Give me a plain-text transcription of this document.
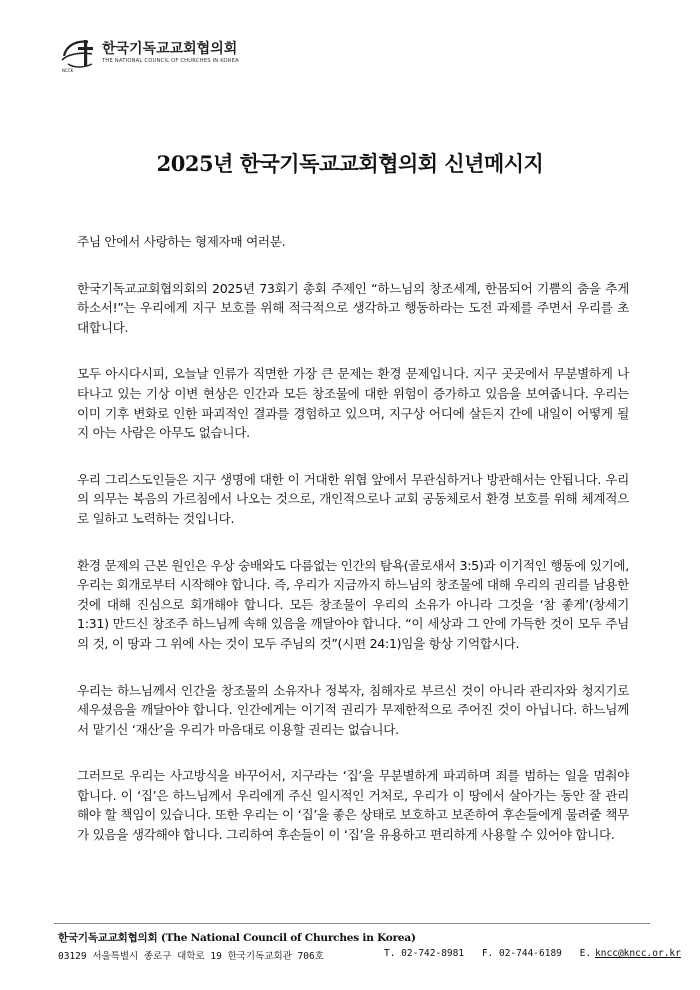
NCCK
한국기독교교회협의회
THE NATIONAL COUNCIL OF CHURCHES IN KOREA
2025년 한국기독교교회협의회 신년메시지

주님 안에서 사랑하는 형제자매 여러분.

한국기독교교회협의회의 2025년 73회기 총회 주제인 “하느님의 창조세계, 한몸되어 기쁨의 춤을 추게 하소서!”는 우리에게 지구 보호를 위해 적극적으로 생각하고 행동하라는 도전 과제를 주면서 우리를 초대합니다.

모두 아시다시피, 오늘날 인류가 직면한 가장 큰 문제는 환경 문제입니다. 지구 곳곳에서 무분별하게 나타나고 있는 기상 이변 현상은 인간과 모든 창조물에 대한 위험이 증가하고 있음을 보여줍니다. 우리는 이미 기후 변화로 인한 파괴적인 결과를 경험하고 있으며, 지구상 어디에 살든지 간에 내일이 어떻게 될지 아는 사람은 아무도 없습니다.

우리 그리스도인들은 지구 생명에 대한 이 거대한 위협 앞에서 무관심하거나 방관해서는 안됩니다. 우리의 의무는 복음의 가르침에서 나오는 것으로, 개인적으로나 교회 공동체로서 환경 보호를 위해 체계적으로 일하고 노력하는 것입니다.

환경 문제의 근본 원인은 우상 숭배와도 다름없는 인간의 탐욕(골로새서 3:5)과 이기적인 행동에 있기에, 우리는 회개로부터 시작해야 합니다. 즉, 우리가 지금까지 하느님의 창조물에 대해 우리의 권리를 남용한 것에 대해 진심으로 회개해야 합니다. 모든 창조물이 우리의 소유가 아니라 그것을 ‘참 좋게’(창세기 1:31) 만드신 창조주 하느님께 속해 있음을 깨달아야 합니다. “이 세상과 그 안에 가득한 것이 모두 주님의 것, 이 땅과 그 위에 사는 것이 모두 주님의 것”(시편 24:1)임을 항상 기억합시다.

우리는 하느님께서 인간을 창조물의 소유자나 정복자, 침해자로 부르신 것이 아니라 관리자와 청지기로 세우셨음을 깨달아야 합니다. 인간에게는 이기적 권리가 무제한적으로 주어진 것이 아닙니다. 하느님께서 맡기신 ‘재산’을 우리가 마음대로 이용할 권리는 없습니다.

그러므로 우리는 사고방식을 바꾸어서, 지구라는 ‘집’을 무분별하게 파괴하며 죄를 범하는 일을 멈춰야 합니다. 이 ‘집’은 하느님께서 우리에게 주신 일시적인 거처로, 우리가 이 땅에서 살아가는 동안 잘 관리해야 할 책임이 있습니다. 또한 우리는 이 ‘집’을 좋은 상태로 보호하고 보존하여 후손들에게 물려줄 책무가 있음을 생각해야 합니다. 그리하여 후손들이 이 ‘집’을 유용하고 편리하게 사용할 수 있어야 합니다.

한국기독교교회협의회 (The National Council of Churches in Korea)
03129 서울특별시 종로구 대학로 19 한국기독교회관 706호	T. 02-742-8981 F. 02-744-6189 E. kncc@kncc.or.kr
